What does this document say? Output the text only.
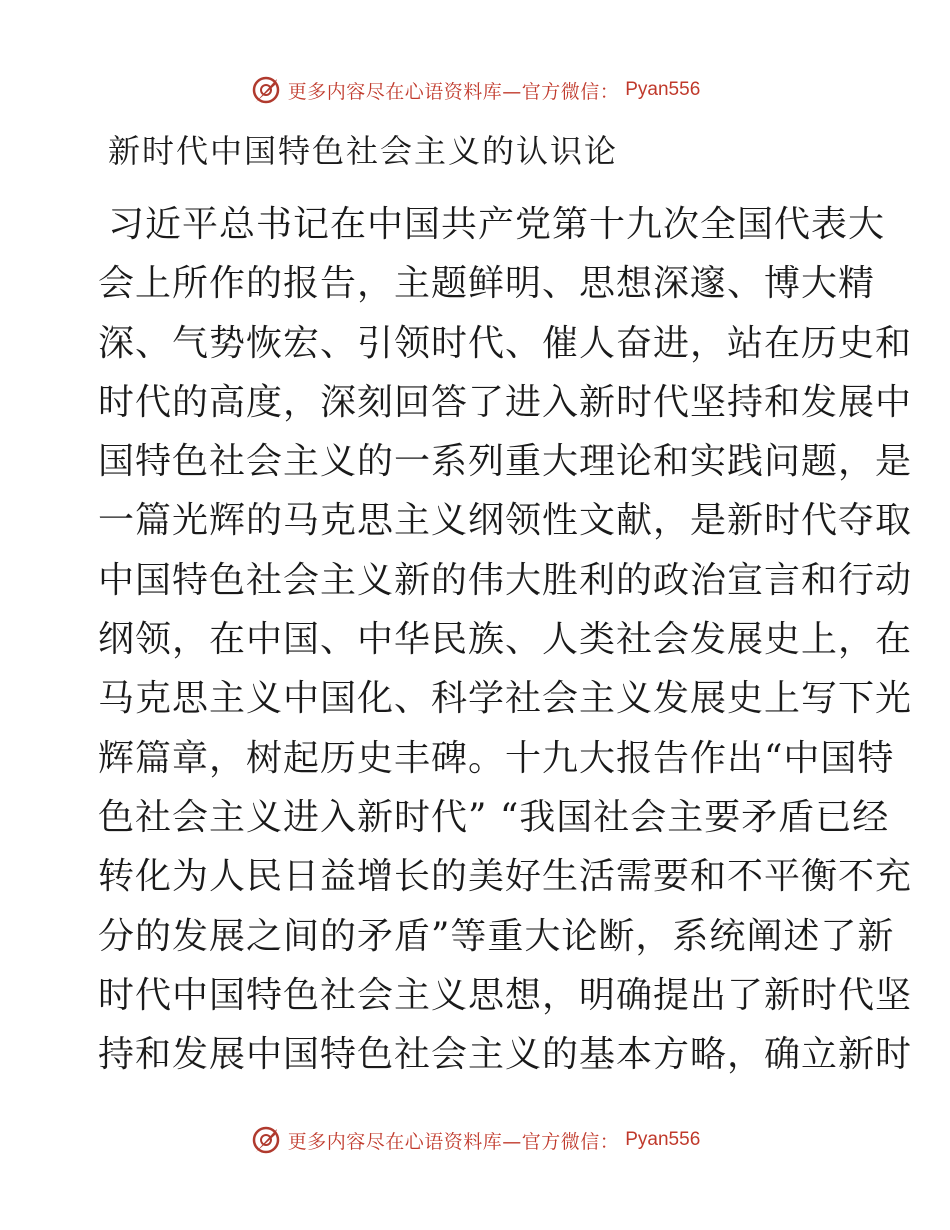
更多内容尽在心语资料库—官方微信： Pyan556
新时代中国特色社会主义的认识论
习近平总书记在中国共产党第十九次全国代表大
会上所作的报告，主题鲜明、思想深邃、博大精
深、气势恢宏、引领时代、催人奋进，站在历史和
时代的高度，深刻回答了进入新时代坚持和发展中
国特色社会主义的一系列重大理论和实践问题，是
一篇光辉的马克思主义纲领性文献，是新时代夺取
中国特色社会主义新的伟大胜利的政治宣言和行动
纲领，在中国、中华民族、人类社会发展史上，在
马克思主义中国化、科学社会主义发展史上写下光
辉篇章，树起历史丰碑。十九大报告作出“中国特
色社会主义进入新时代” “我国社会主要矛盾已经
转化为人民日益增长的美好生活需要和不平衡不充
分的发展之间的矛盾”等重大论断，系统阐述了新
时代中国特色社会主义思想，明确提出了新时代坚
持和发展中国特色社会主义的基本方略，确立新时
更多内容尽在心语资料库—官方微信： Pyan556
